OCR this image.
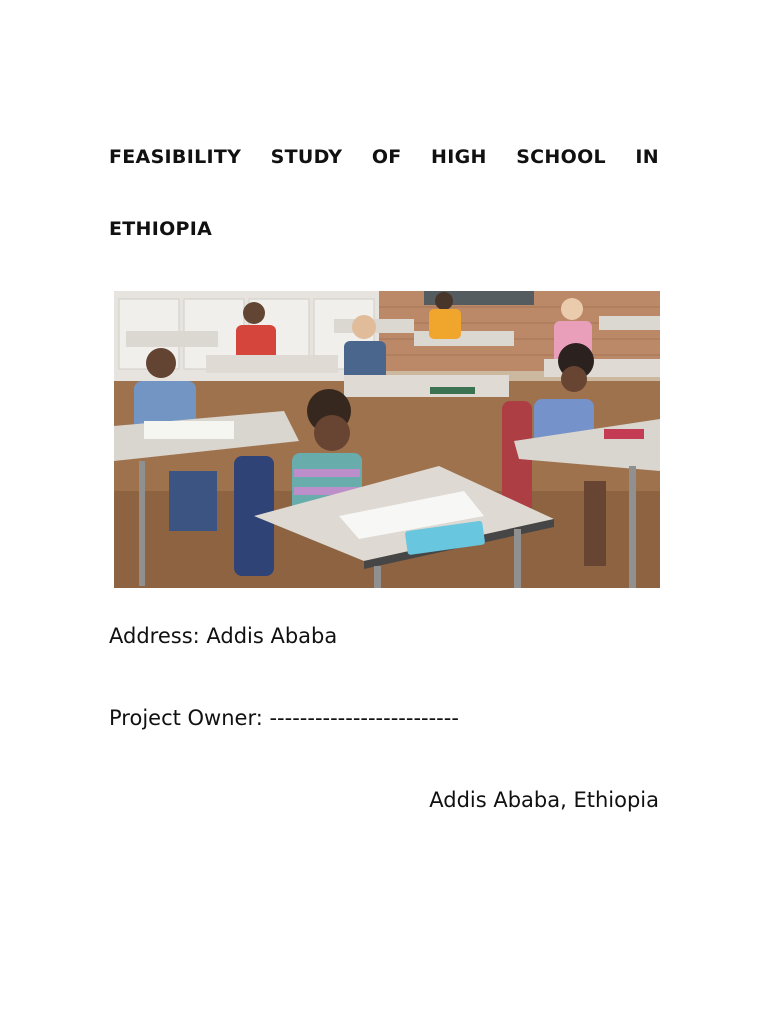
FEASIBILITY STUDY OF HIGH SCHOOL IN
ETHIOPIA
Address: Addis Ababa
Project Owner: -------------------------
Addis Ababa, Ethiopia
